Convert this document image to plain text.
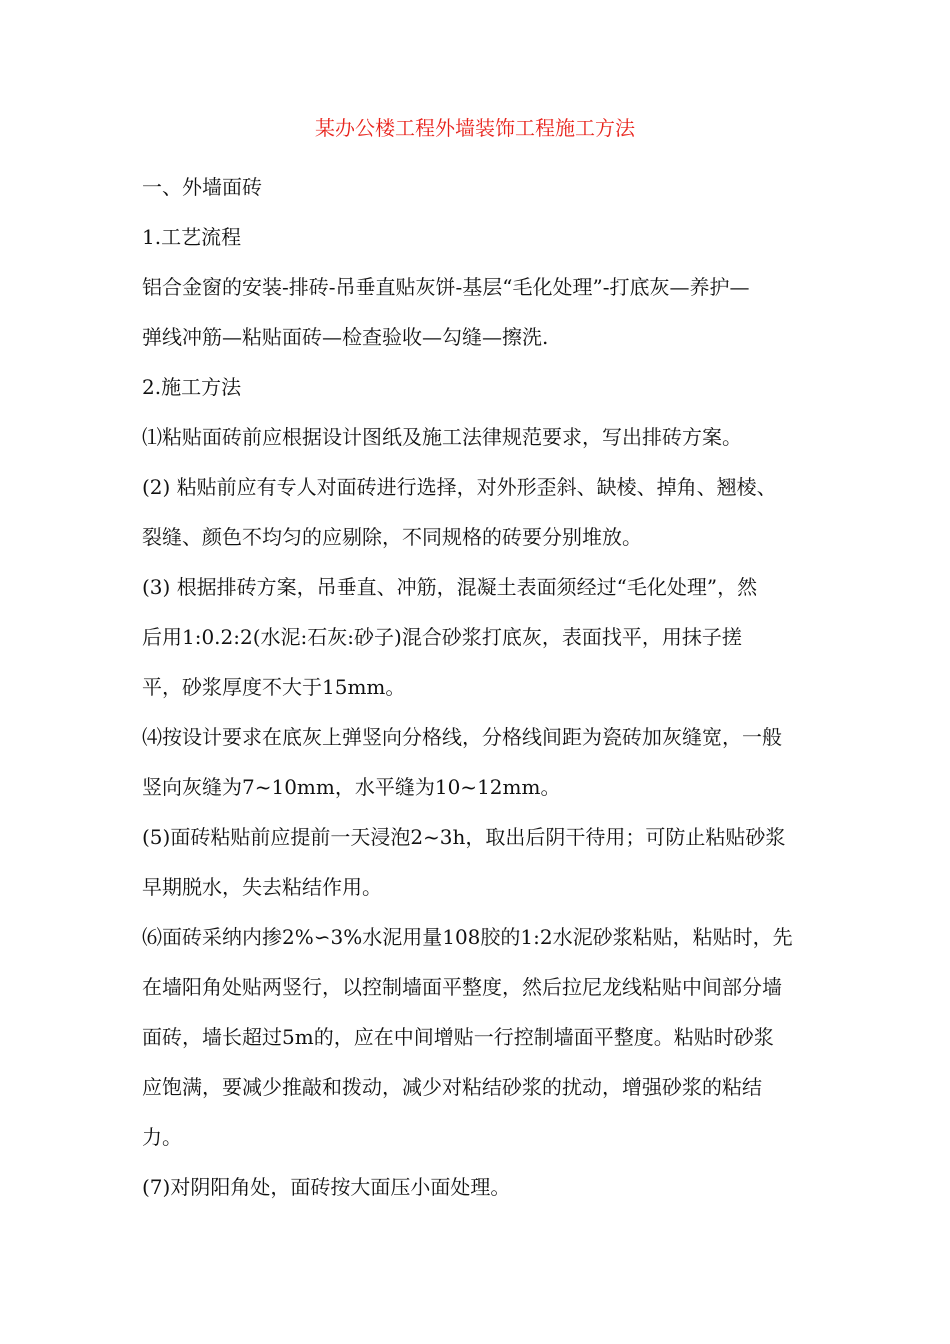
某办公楼工程外墙装饰工程施工方法
一、外墙面砖
1.工艺流程
铝合金窗的安装-排砖-吊垂直贴灰饼-基层“毛化处理”-打底灰—养护—
弹线冲筋—粘贴面砖—检查验收—勾缝—擦洗.
2.施工方法
⑴粘贴面砖前应根据设计图纸及施工法律规范要求，写出排砖方案。
(2) 粘贴前应有专人对面砖进行选择，对外形歪斜、缺棱、掉角、翘棱、
裂缝、颜色不均匀的应剔除，不同规格的砖要分别堆放。
(3) 根据排砖方案，吊垂直、冲筋，混凝土表面须经过“毛化处理”，然
后用1:0.2:2(水泥:石灰:砂子)混合砂浆打底灰，表面找平，用抹子搓
平，砂浆厚度不大于15mm。
⑷按设计要求在底灰上弹竖向分格线，分格线间距为瓷砖加灰缝宽，一般
竖向灰缝为7~10mm，水平缝为10~12mm。
(5)面砖粘贴前应提前一天浸泡2~3h，取出后阴干待用；可防止粘贴砂浆
早期脱水，失去粘结作用。
⑹面砖采纳内掺2%∽3%水泥用量108胶的1:2水泥砂浆粘贴，粘贴时，先
在墙阳角处贴两竖行，以控制墙面平整度，然后拉尼龙线粘贴中间部分墙
面砖，墙长超过5m的，应在中间增贴一行控制墙面平整度。粘贴时砂浆
应饱满，要减少推敲和拨动，减少对粘结砂浆的扰动，增强砂浆的粘结
力。
(7)对阴阳角处，面砖按大面压小面处理。
